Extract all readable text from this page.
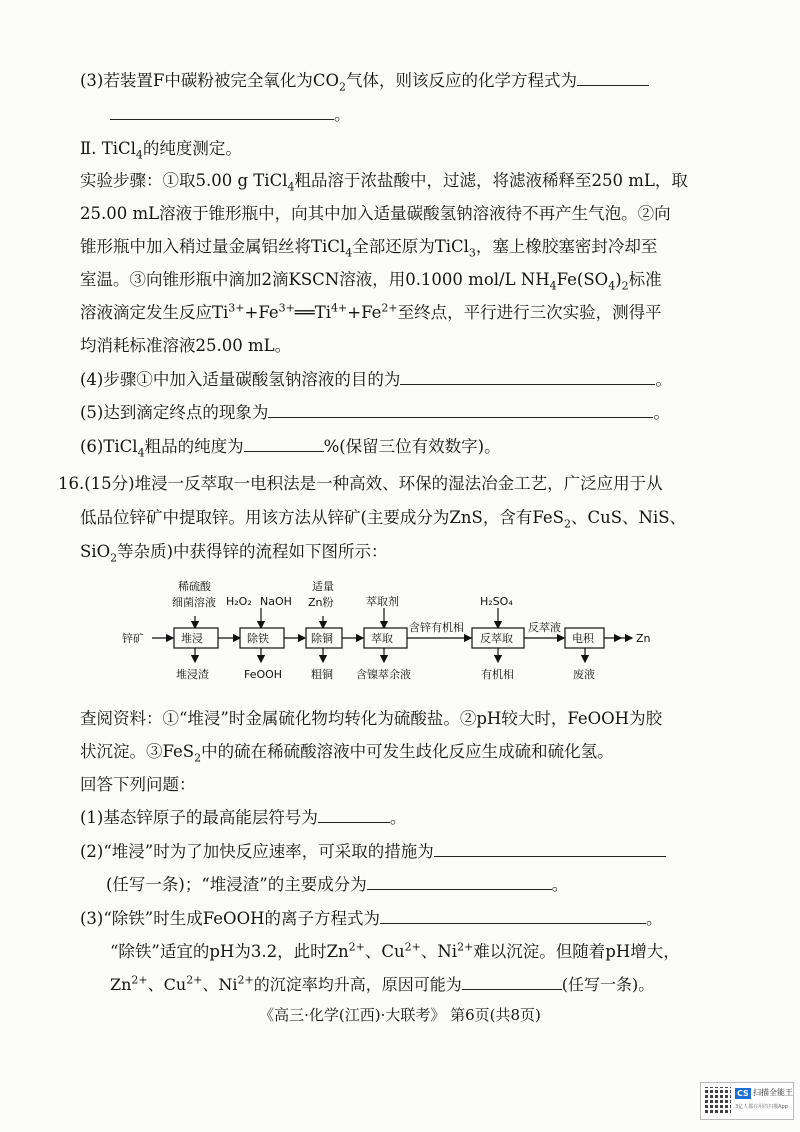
(3)若装置F中碳粉被完全氧化为$CO_2$气体，则该反应的化学方程式为
。
Ⅱ. TiCl$_4$的纯度测定。
实验步骤：①取5.00 g TiCl$_4$粗品溶于浓盐酸中，过滤，将滤液稀释至250 mL，取
25.00 mL溶液于锥形瓶中，向其中加入适量碳酸氢钠溶液待不再产生气泡。②向
锥形瓶中加入稍过量金属铝丝将TiCl$_4$全部还原为TiCl$_3$，塞上橡胶塞密封冷却至
室温。③向锥形瓶中滴加2滴KSCN溶液，用0.1000 mol/L $NH_4Fe(SO_4)_2$标准
溶液滴定发生反应$Ti^{3+}+Fe^{3+}══Ti^{4+}+Fe^{2+}$至终点，平行进行三次实验，测得平
均消耗标准溶液25.00 mL。
(4)步骤①中加入适量碳酸氢钠溶液的目的为	。
(5)达到滴定终点的现象为	。
(6)TiCl$_4$粗品的纯度为	%(保留三位有效数字)。
16.(15分)堆浸一反萃取一电积法是一种高效、环保的湿法冶金工艺，广泛应用于从
低品位锌矿中提取锌。用该方法从锌矿(主要成分为ZnS，含有FeS$_2$、CuS、NiS、
SiO$_2$等杂质)中获得锌的流程如下图所示：
锌矿
稀硫酸
细菌溶液 H₂O₂ NaOH
适量
Zn粉	萃取剂	H₂SO₄
堆浸	除铁	除铜	萃取	反萃取	电积
含锌有机相	反萃液
Zn
堆浸渣	FeOOH	粗铜 含镍萃余液	有机相	废液
查阅资料：①“堆浸”时金属硫化物均转化为硫酸盐。②pH较大时，FeOOH为胶
状沉淀。③FeS$_2$中的硫在稀硫酸溶液中可发生歧化反应生成硫和硫化氢。
回答下列问题：
(1)基态锌原子的最高能层符号为	。
(2)“堆浸”时为了加快反应速率，可采取的措施为
(任写一条)；“堆浸渣”的主要成分为	。
(3)“除铁”时生成FeOOH的离子方程式为	。
“除铁”适宜的pH为3.2，此时$Zn^{2+}$、$Cu^{2+}$、$Ni^{2+}$难以沉淀。但随着pH增大，
$Zn^{2+}$、$Cu^{2+}$、$Ni^{2+}$的沉淀率均升高，原因可能为	(任写一条)。
《高三·化学(江西)·大联考》 第6页(共8页)
CS 扫描全能王
3亿人都在用的扫描App
